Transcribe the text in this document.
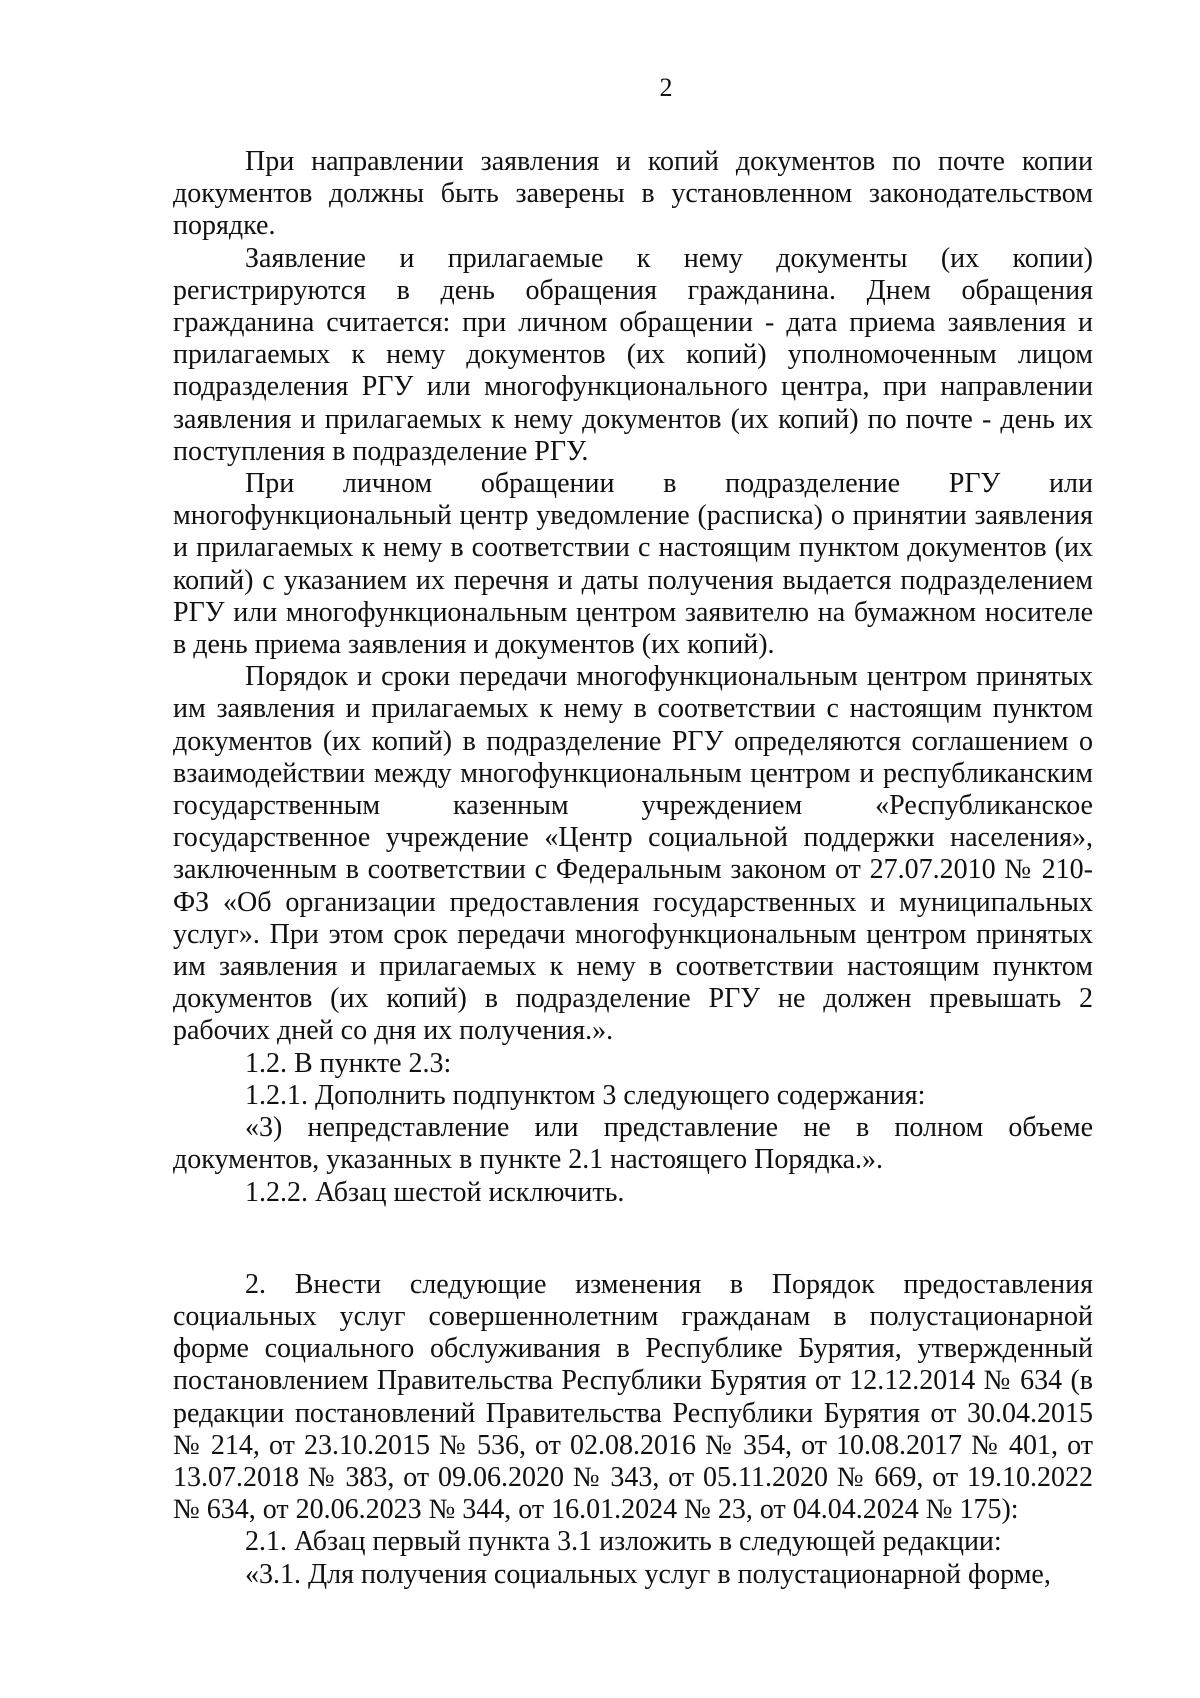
2

При направлении заявления и копий документов по почте копии документов должны быть заверены в установленном законодательством порядке.

Заявление и прилагаемые к нему документы (их копии) регистрируются в день обращения гражданина. Днем обращения гражданина считается: при личном обращении - дата приема заявления и прилагаемых к нему документов (их копий) уполномоченным лицом подразделения РГУ или многофункционального центра, при направлении заявления и прилагаемых к нему документов (их копий) по почте - день их поступления в подразделение РГУ.

При личном обращении в подразделение РГУ или многофункциональный центр уведомление (расписка) о принятии заявления и прилагаемых к нему в соответствии с настоящим пунктом документов (их копий) с указанием их перечня и даты получения выдается подразделением РГУ или многофункциональным центром заявителю на бумажном носителе в день приема заявления и документов (их копий).

Порядок и сроки передачи многофункциональным центром принятых им заявления и прилагаемых к нему в соответствии с настоящим пунктом документов (их копий) в подразделение РГУ определяются соглашением о взаимодействии между многофункциональным центром и республиканским государственным казенным учреждением «Республиканское государственное учреждение «Центр социальной поддержки населения», заключенным в соответствии с Федеральным законом от 27.07.2010 № 210-ФЗ «Об организации предоставления государственных и муниципальных услуг». При этом срок передачи многофункциональным центром принятых им заявления и прилагаемых к нему в соответствии настоящим пунктом документов (их копий) в подразделение РГУ не должен превышать 2 рабочих дней со дня их получения.».

1.2. В пункте 2.3:

1.2.1. Дополнить подпунктом 3 следующего содержания:

«3) непредставление или представление не в полном объеме документов, указанных в пункте 2.1 настоящего Порядка.».

1.2.2. Абзац шестой исключить.

2. Внести следующие изменения в Порядок предоставления социальных услуг совершеннолетним гражданам в полустационарной форме социального обслуживания в Республике Бурятия, утвержденный постановлением Правительства Республики Бурятия от 12.12.2014 № 634 (в редакции постановлений Правительства Республики Бурятия от 30.04.2015 № 214, от 23.10.2015 № 536, от 02.08.2016 № 354, от 10.08.2017 № 401, от 13.07.2018 № 383, от 09.06.2020 № 343, от 05.11.2020 № 669, от 19.10.2022 № 634, от 20.06.2023 № 344, от 16.01.2024 № 23, от 04.04.2024 № 175):

2.1. Абзац первый пункта 3.1 изложить в следующей редакции:

«3.1. Для получения социальных услуг в полустационарной форме,
